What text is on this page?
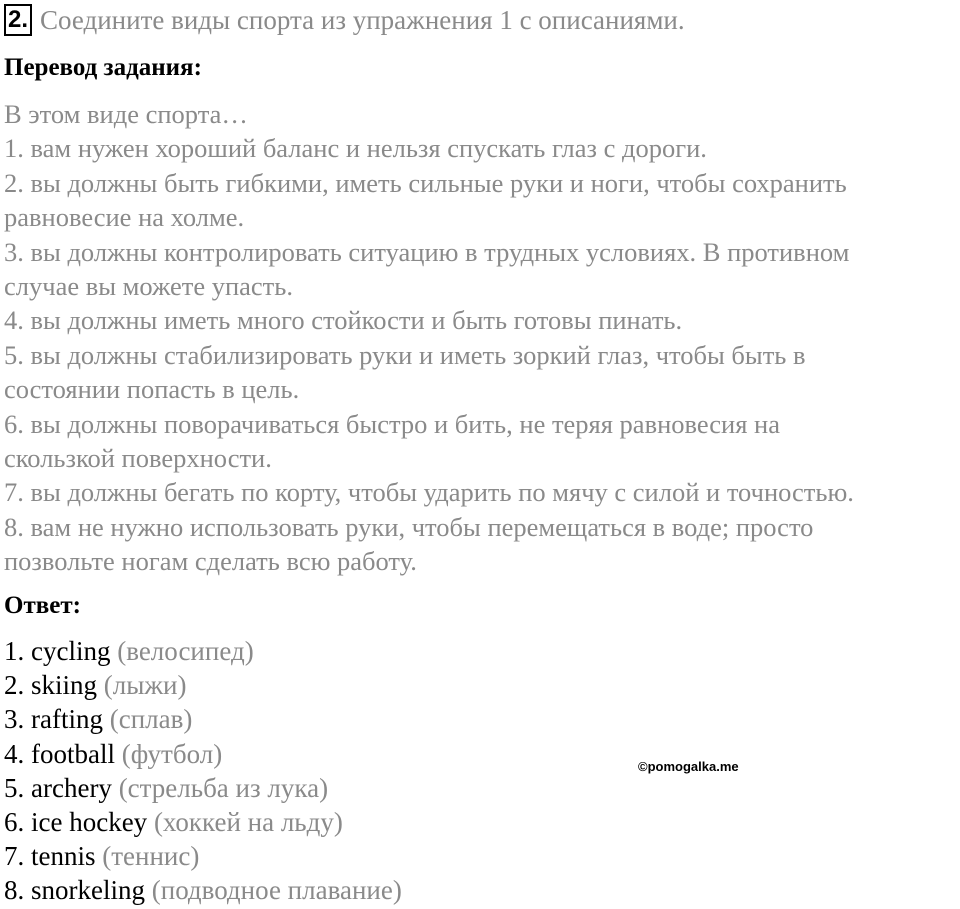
2. Соедините виды спорта из упражнения 1 с описаниями.
Перевод задания:
В этом виде спорта…
1. вам нужен хороший баланс и нельзя спускать глаз с дороги.
2. вы должны быть гибкими, иметь сильные руки и ноги, чтобы сохранить
равновесие на холме.
3. вы должны контролировать ситуацию в трудных условиях. В противном
случае вы можете упасть.
4. вы должны иметь много стойкости и быть готовы пинать.
5. вы должны стабилизировать руки и иметь зоркий глаз, чтобы быть в
состоянии попасть в цель.
6. вы должны поворачиваться быстро и бить, не теряя равновесия на
скользкой поверхности.
7. вы должны бегать по корту, чтобы ударить по мячу с силой и точностью.
8. вам не нужно использовать руки, чтобы перемещаться в воде; просто
позвольте ногам сделать всю работу.
Ответ:
1. cycling (велосипед)
2. skiing (лыжи)
3. rafting (сплав)
4. football (футбол)
5. archery (стрельба из лука)
6. ice hockey (хоккей на льду)
7. tennis (теннис)
8. snorkeling (подводное плавание)
©pomogalka.me
